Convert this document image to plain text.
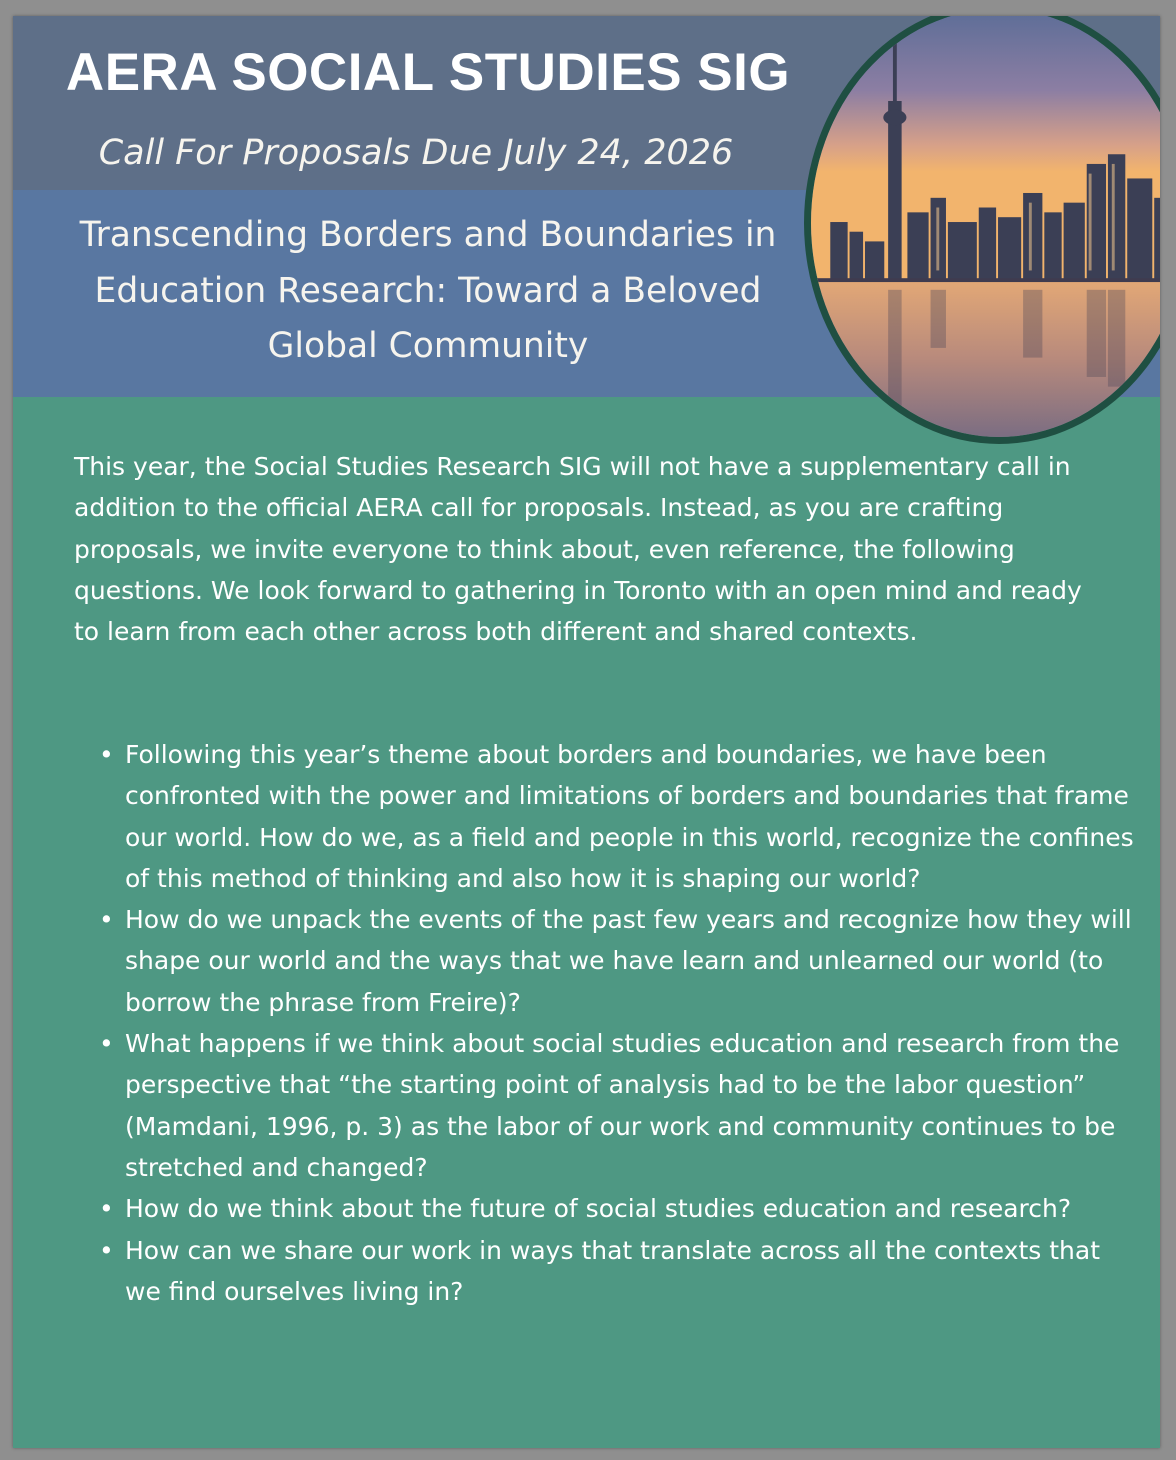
AERA SOCIAL STUDIES SIG

Call For Proposals Due July 24, 2026

Transcending Borders and Boundaries in Education Research: Toward a Beloved Global Community

This year, the Social Studies Research SIG will not have a supplementary call in addition to the official AERA call for proposals. Instead, as you are crafting proposals, we invite everyone to think about, even reference, the following questions. We look forward to gathering in Toronto with an open mind and ready to learn from each other across both different and shared contexts.

• Following this year’s theme about borders and boundaries, we have been confronted with the power and limitations of borders and boundaries that frame our world. How do we, as a field and people in this world, recognize the confines of this method of thinking and also how it is shaping our world?
• How do we unpack the events of the past few years and recognize how they will shape our world and the ways that we have learn and unlearned our world (to borrow the phrase from Freire)?
• What happens if we think about social studies education and research from the perspective that “the starting point of analysis had to be the labor question” (Mamdani, 1996, p. 3) as the labor of our work and community continues to be stretched and changed?
• How do we think about the future of social studies education and research?
• How can we share our work in ways that translate across all the contexts that we find ourselves living in?
